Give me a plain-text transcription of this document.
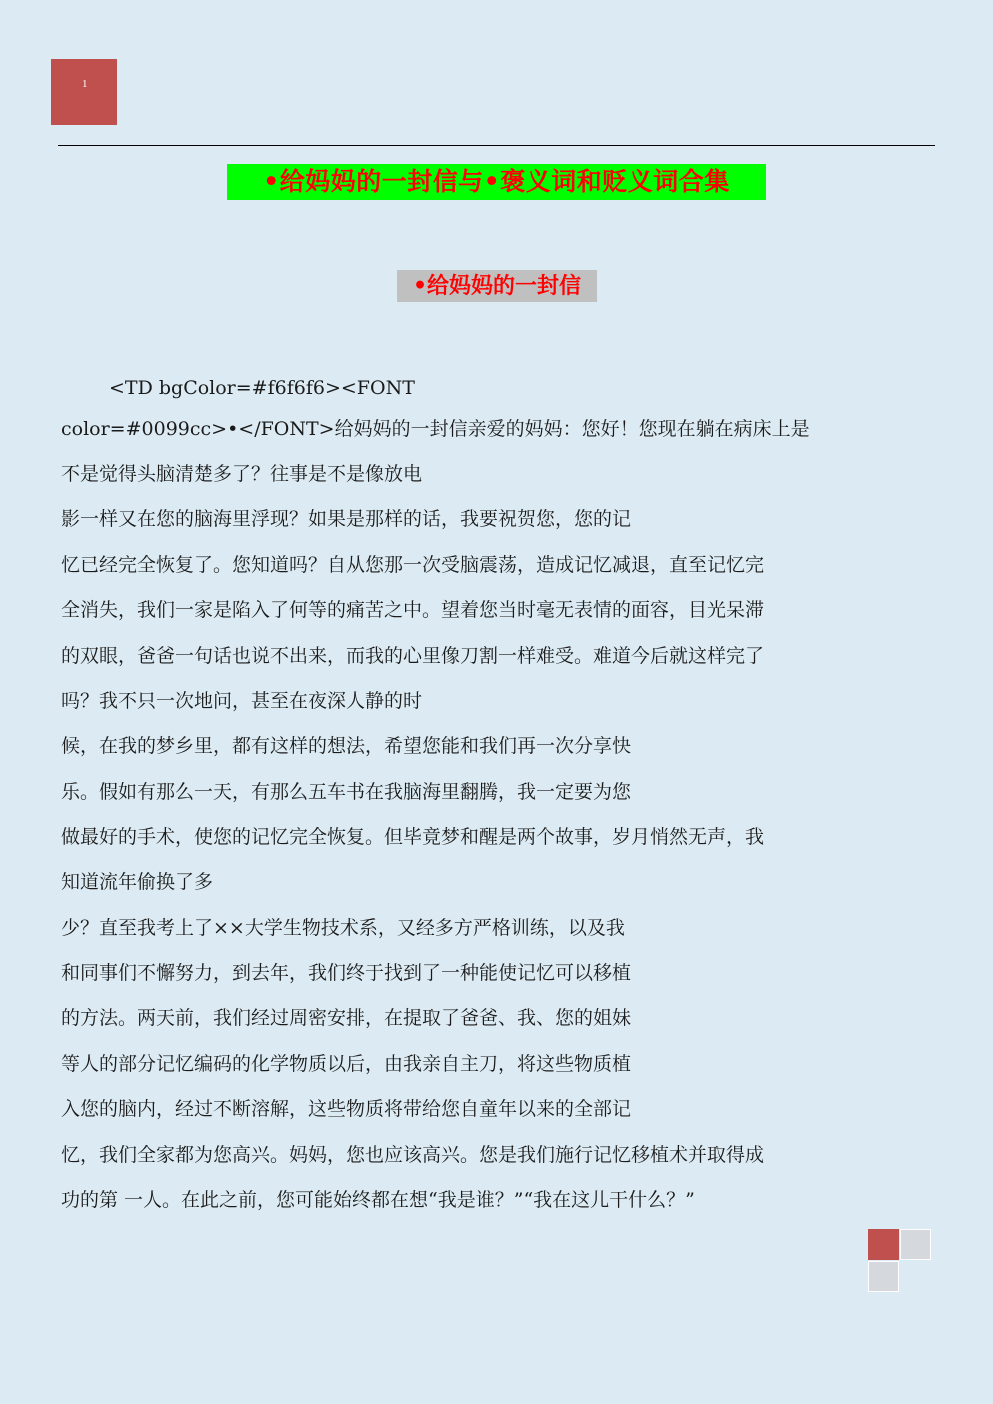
1
•给妈妈的一封信与•褒义词和贬义词合集
•给妈妈的一封信
<TD bgColor=#f6f6f6><FONT
color=#0099cc>•</FONT>给妈妈的一封信亲爱的妈妈：您好！您现在躺在病床上是
不是觉得头脑清楚多了？往事是不是像放电
影一样又在您的脑海里浮现？如果是那样的话，我要祝贺您，您的记
忆已经完全恢复了。您知道吗？自从您那一次受脑震荡，造成记忆减退，直至记忆完
全消失，我们一家是陷入了何等的痛苦之中。望着您当时毫无表情的面容，目光呆滞
的双眼，爸爸一句话也说不出来，而我的心里像刀割一样难受。难道今后就这样完了
吗？我不只一次地问，甚至在夜深人静的时
候，在我的梦乡里，都有这样的想法，希望您能和我们再一次分享快
乐。假如有那么一天，有那么五车书在我脑海里翻腾，我一定要为您
做最好的手术，使您的记忆完全恢复。但毕竟梦和醒是两个故事，岁月悄然无声，我
知道流年偷换了多
少？直至我考上了××大学生物技术系，又经多方严格训练，以及我
和同事们不懈努力，到去年，我们终于找到了一种能使记忆可以移植
的方法。两天前，我们经过周密安排，在提取了爸爸、我、您的姐妹
等人的部分记忆编码的化学物质以后，由我亲自主刀，将这些物质植
入您的脑内，经过不断溶解，这些物质将带给您自童年以来的全部记
忆，我们全家都为您高兴。妈妈，您也应该高兴。您是我们施行记忆移植术并取得成
功的第 一人。在此之前，您可能始终都在想“我是谁？”“我在这儿干什么？”
